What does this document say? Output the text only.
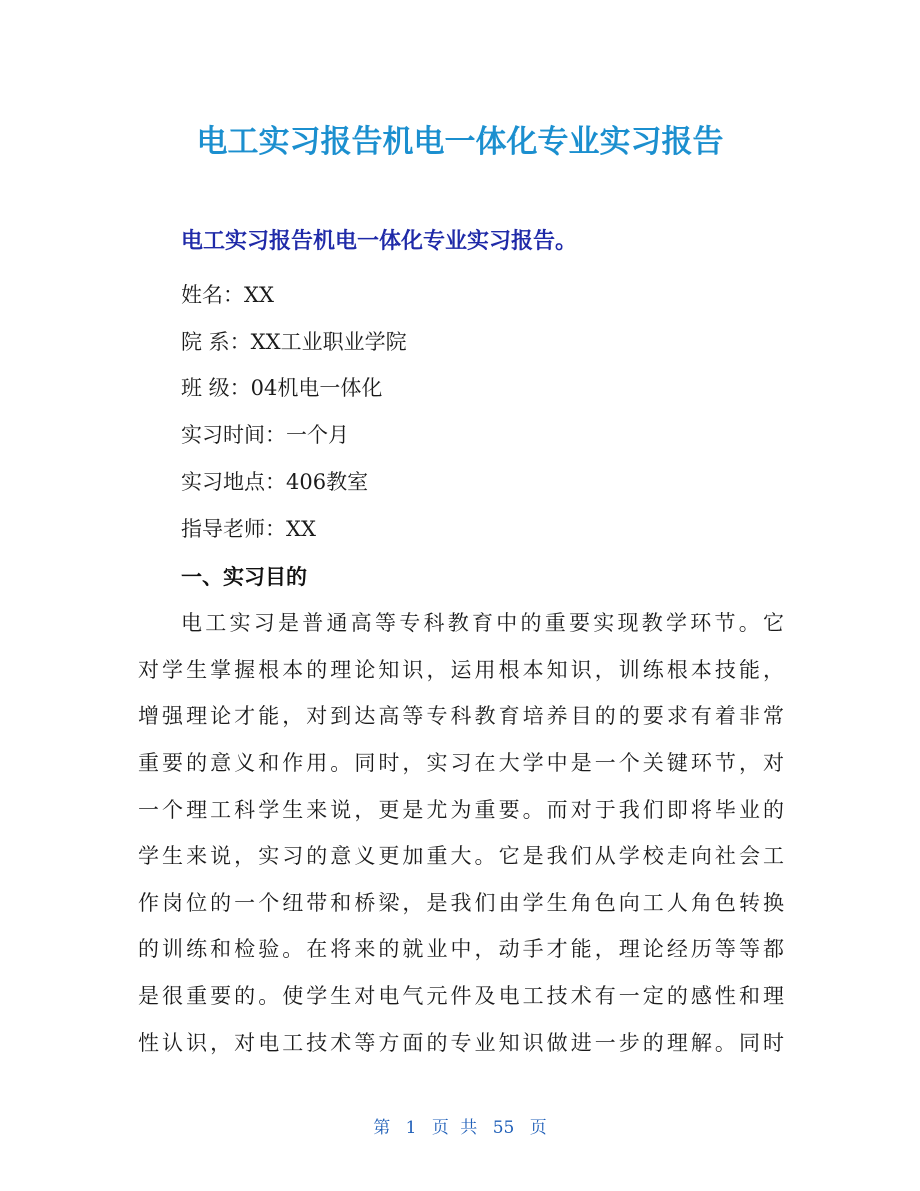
电工实习报告机电一体化专业实习报告
电工实习报告机电一体化专业实习报告。

姓名：XX

院 系：XX工业职业学院

班 级：04机电一体化

实习时间：一个月

实习地点：406教室

指导老师：XX

一、实习目的

电工实习是普通高等专科教育中的重要实现教学环节。它

对学生掌握根本的理论知识，运用根本知识，训练根本技能，

增强理论才能，对到达高等专科教育培养目的的要求有着非常

重要的意义和作用。同时，实习在大学中是一个关键环节，对

一个理工科学生来说，更是尤为重要。而对于我们即将毕业的

学生来说，实习的意义更加重大。它是我们从学校走向社会工

作岗位的一个纽带和桥梁，是我们由学生角色向工人角色转换

的训练和检验。在将来的就业中，动手才能，理论经历等等都

是很重要的。使学生对电气元件及电工技术有一定的感性和理

性认识，对电工技术等方面的专业知识做进一步的理解。同时

第 1 页 共 55 页
